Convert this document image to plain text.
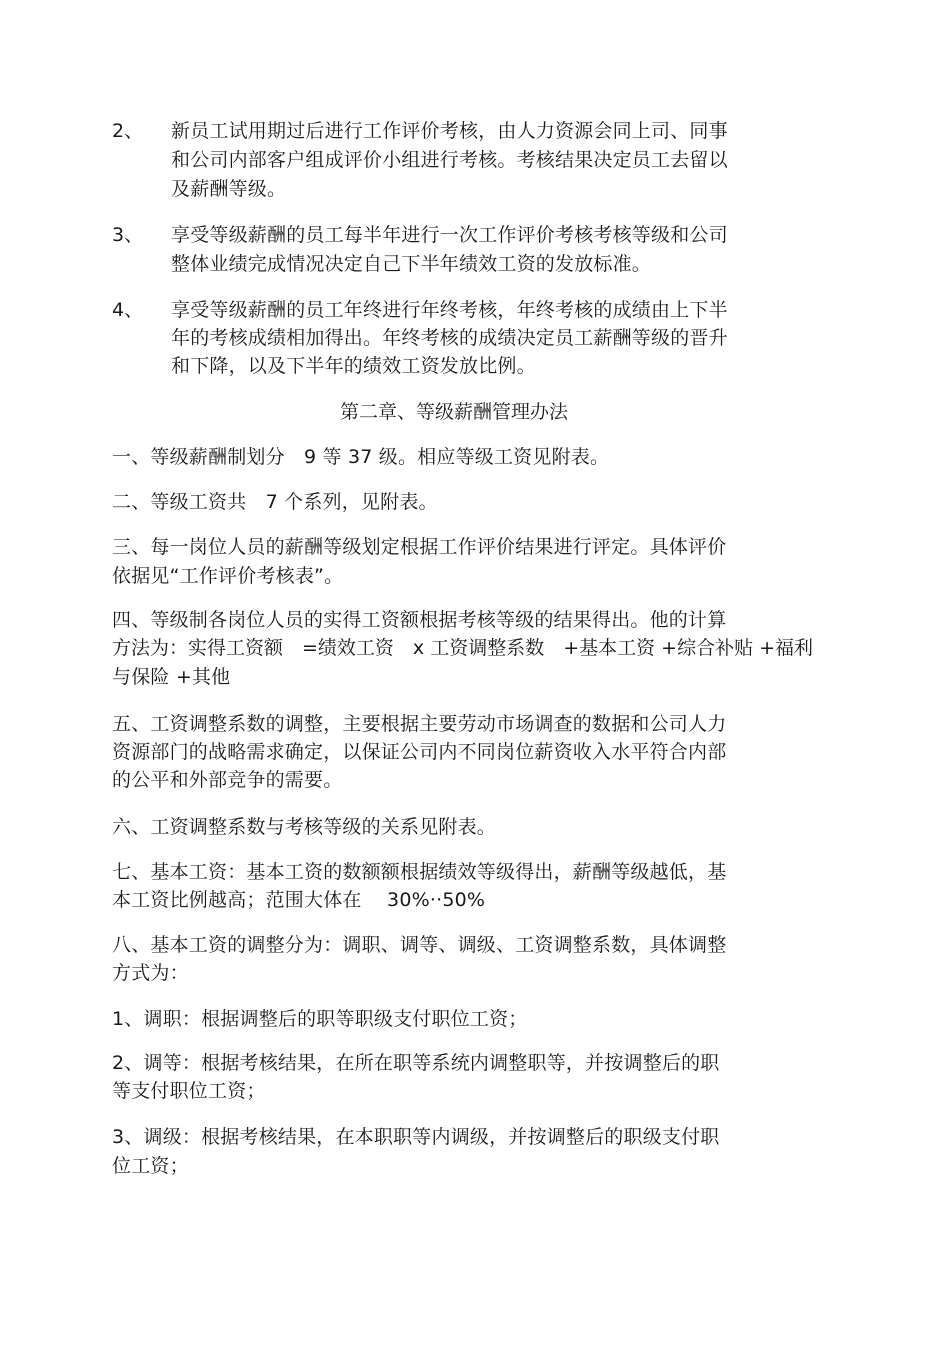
2、 新员工试用期过后进行工作评价考核，由人力资源会同上司、同事
和公司内部客户组成评价小组进行考核。考核结果决定员工去留以
及薪酬等级。
3、 享受等级薪酬的员工每半年进行一次工作评价考核考核等级和公司
整体业绩完成情况决定自己下半年绩效工资的发放标准。
4、 享受等级薪酬的员工年终进行年终考核，年终考核的成绩由上下半
年的考核成绩相加得出。年终考核的成绩决定员工薪酬等级的晋升
和下降，以及下半年的绩效工资发放比例。
第二章、等级薪酬管理办法
一、等级薪酬制划分　9 等 37 级。相应等级工资见附表。
二、等级工资共　7 个系列，见附表。
三、每一岗位人员的薪酬等级划定根据工作评价结果进行评定。具体评价
依据见“工作评价考核表”。
四、等级制各岗位人员的实得工资额根据考核等级的结果得出。他的计算
方法为：实得工资额　=绩效工资　x 工资调整系数　+基本工资 +综合补贴 +福利
与保险 +其他
五、工资调整系数的调整，主要根据主要劳动市场调查的数据和公司人力
资源部门的战略需求确定，以保证公司内不同岗位薪资收入水平符合内部
的公平和外部竞争的需要。
六、工资调整系数与考核等级的关系见附表。
七、基本工资：基本工资的数额额根据绩效等级得出，薪酬等级越低，基
本工资比例越高；范围大体在　 30%··50%
八、基本工资的调整分为：调职、调等、调级、工资调整系数，具体调整
方式为：
1、调职：根据调整后的职等职级支付职位工资；
2、调等：根据考核结果，在所在职等系统内调整职等，并按调整后的职
等支付职位工资；
3、调级：根据考核结果，在本职职等内调级，并按调整后的职级支付职
位工资；
